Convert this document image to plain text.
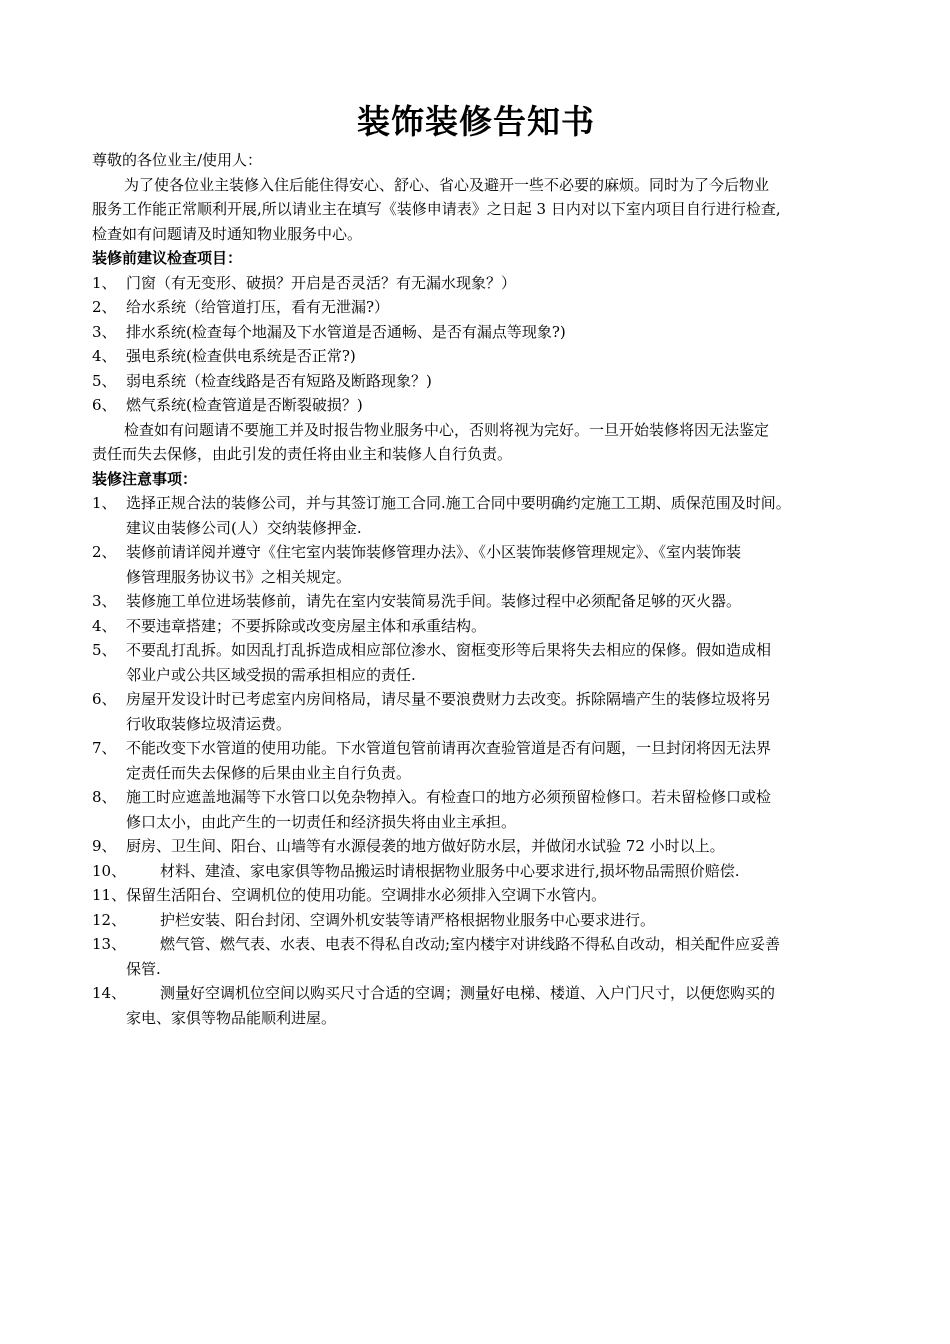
装饰装修告知书
尊敬的各位业主/使用人：
为了使各位业主装修入住后能住得安心、舒心、省心及避开一些不必要的麻烦。同时为了今后物业
服务工作能正常顺利开展,所以请业主在填写《装修申请表》之日起 3 日内对以下室内项目自行进行检查,
检查如有问题请及时通知物业服务中心。
装修前建议检查项目：
1、 门窗（有无变形、破损？开启是否灵活？有无漏水现象？）
2、 给水系统（给管道打压，看有无泄漏?）
3、 排水系统(检查每个地漏及下水管道是否通畅、是否有漏点等现象?)
4、 强电系统(检查供电系统是否正常?)
5、 弱电系统（检查线路是否有短路及断路现象？)
6、 燃气系统(检查管道是否断裂破损？)
检查如有问题请不要施工并及时报告物业服务中心，否则将视为完好。一旦开始装修将因无法鉴定
责任而失去保修，由此引发的责任将由业主和装修人自行负责。
装修注意事项：
1、 选择正规合法的装修公司，并与其签订施工合同.施工合同中要明确约定施工工期、质保范围及时间。
建议由装修公司(人）交纳装修押金.
2、 装修前请详阅并遵守《住宅室内装饰装修管理办法》、《小区装饰装修管理规定》、《室内装饰装
修管理服务协议书》之相关规定。
3、 装修施工单位进场装修前，请先在室内安装简易洗手间。装修过程中必须配备足够的灭火器。
4、 不要违章搭建；不要拆除或改变房屋主体和承重结构。
5、 不要乱打乱拆。如因乱打乱拆造成相应部位渗水、窗框变形等后果将失去相应的保修。假如造成相
邻业户或公共区域受损的需承担相应的责任.
6、 房屋开发设计时已考虑室内房间格局，请尽量不要浪费财力去改变。拆除隔墙产生的装修垃圾将另
行收取装修垃圾清运费。
7、 不能改变下水管道的使用功能。下水管道包管前请再次查验管道是否有问题，一旦封闭将因无法界
定责任而失去保修的后果由业主自行负责。
8、 施工时应遮盖地漏等下水管口以免杂物掉入。有检查口的地方必须预留检修口。若未留检修口或检
修口太小，由此产生的一切责任和经济损失将由业主承担。
9、 厨房、卫生间、阳台、山墙等有水源侵袭的地方做好防水层，并做闭水试验 72 小时以上。
10、	材料、建渣、家电家俱等物品搬运时请根据物业服务中心要求进行,损坏物品需照价赔偿.
11、 保留生活阳台、空调机位的使用功能。空调排水必须排入空调下水管内。
12、	护栏安装、阳台封闭、空调外机安装等请严格根据物业服务中心要求进行。
13、 燃气管、燃气表、水表、电表不得私自改动;室内楼宇对讲线路不得私自改动，相关配件应妥善
保管.
14、 测量好空调机位空间以购买尺寸合适的空调；测量好电梯、楼道、入户门尺寸，以便您购买的
家电、家俱等物品能顺利进屋。
